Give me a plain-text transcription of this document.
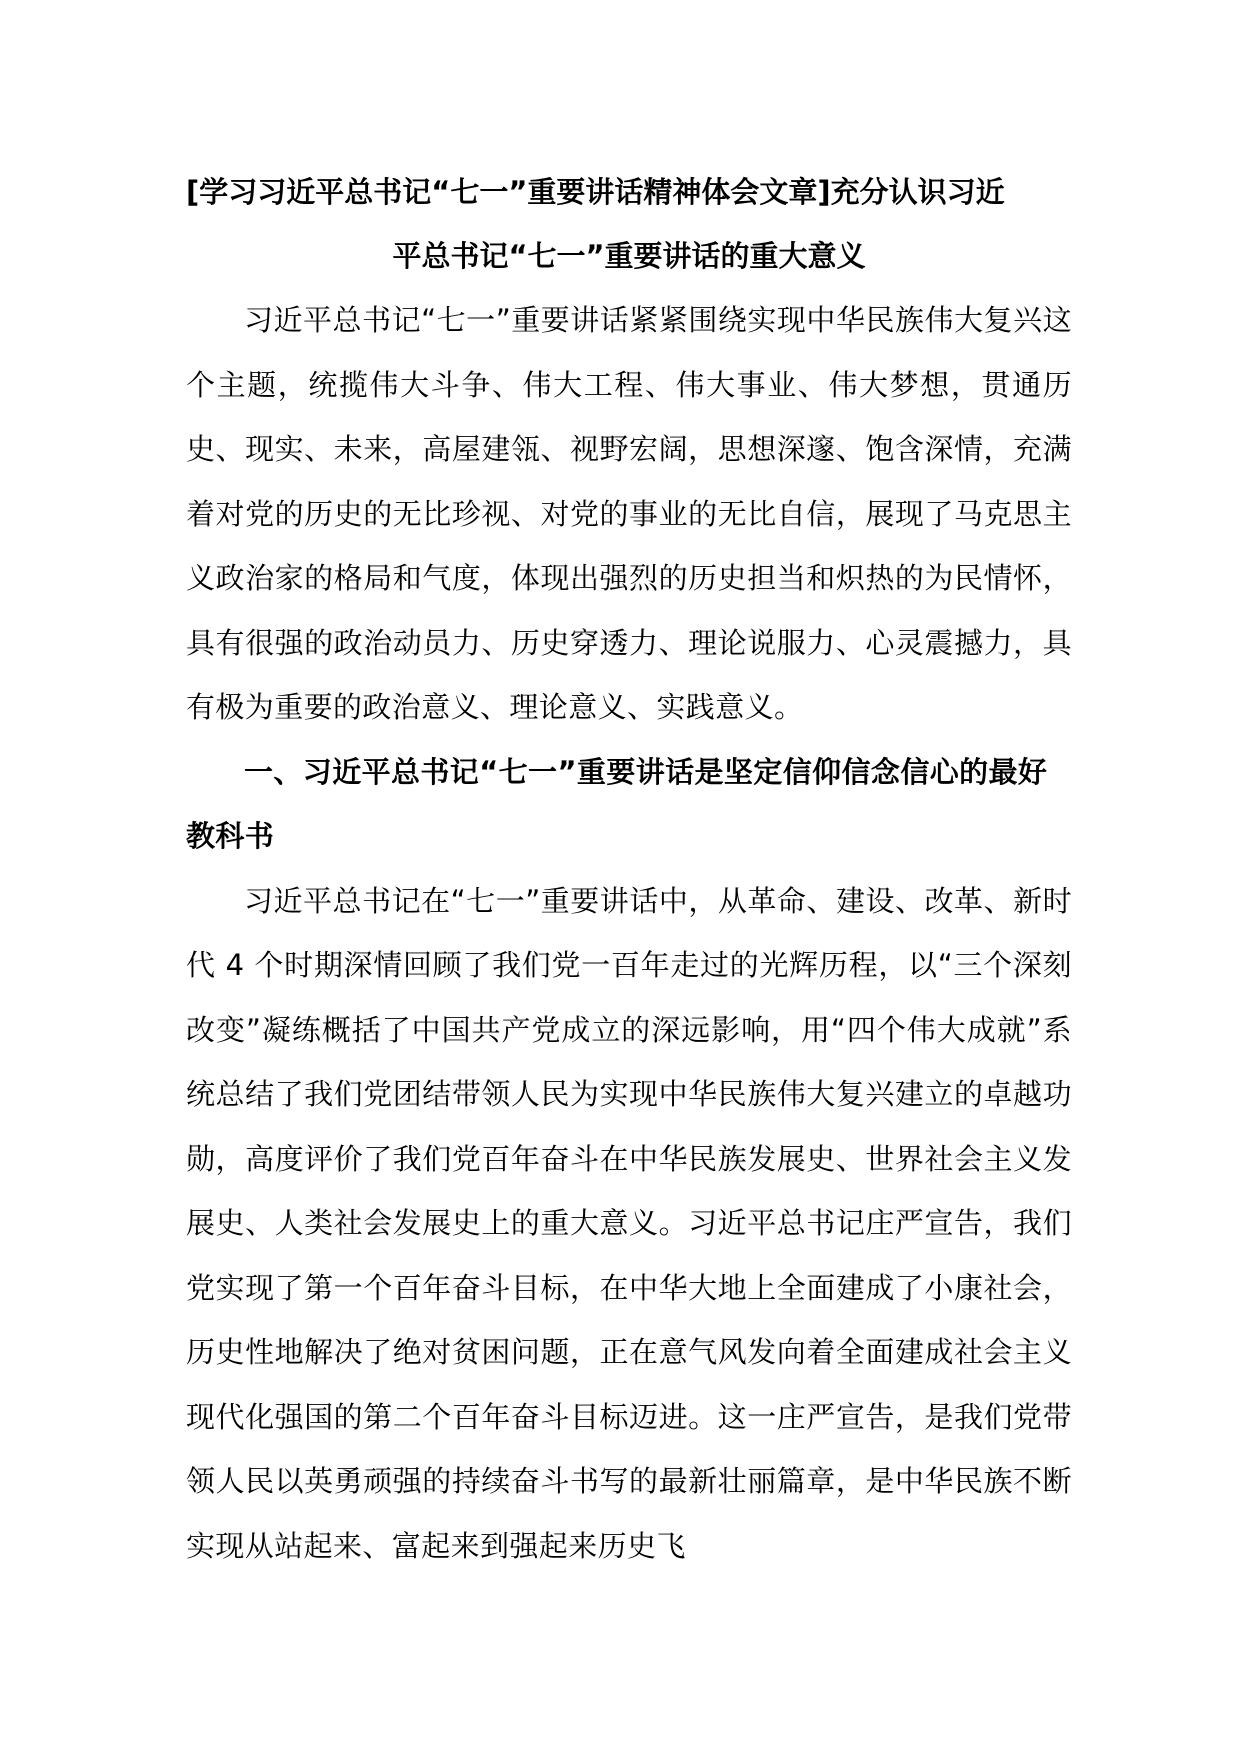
[学习习近平总书记“七一”重要讲话精神体会文章]充分认识习近

平总书记“七一”重要讲话的重大意义

习近平总书记“七一”重要讲话紧紧围绕实现中华民族伟大复兴这个主题，统揽伟大斗争、伟大工程、伟大事业、伟大梦想，贯通历史、现实、未来，高屋建瓴、视野宏阔，思想深邃、饱含深情，充满着对党的历史的无比珍视、对党的事业的无比自信，展现了马克思主义政治家的格局和气度，体现出强烈的历史担当和炽热的为民情怀，具有很强的政治动员力、历史穿透力、理论说服力、心灵震撼力，具有极为重要的政治意义、理论意义、实践意义。

一、习近平总书记“七一”重要讲话是坚定信仰信念信心的最好教科书

习近平总书记在“七一”重要讲话中，从革命、建设、改革、新时代 4 个时期深情回顾了我们党一百年走过的光辉历程，以“三个深刻改变”凝练概括了中国共产党成立的深远影响，用“四个伟大成就”系统总结了我们党团结带领人民为实现中华民族伟大复兴建立的卓越功勋，高度评价了我们党百年奋斗在中华民族发展史、世界社会主义发展史、人类社会发展史上的重大意义。习近平总书记庄严宣告，我们党实现了第一个百年奋斗目标，在中华大地上全面建成了小康社会，历史性地解决了绝对贫困问题，正在意气风发向着全面建成社会主义现代化强国的第二个百年奋斗目标迈进。这一庄严宣告，是我们党带领人民以英勇顽强的持续奋斗书写的最新壮丽篇章，是中华民族不断实现从站起来、富起来到强起来历史飞
